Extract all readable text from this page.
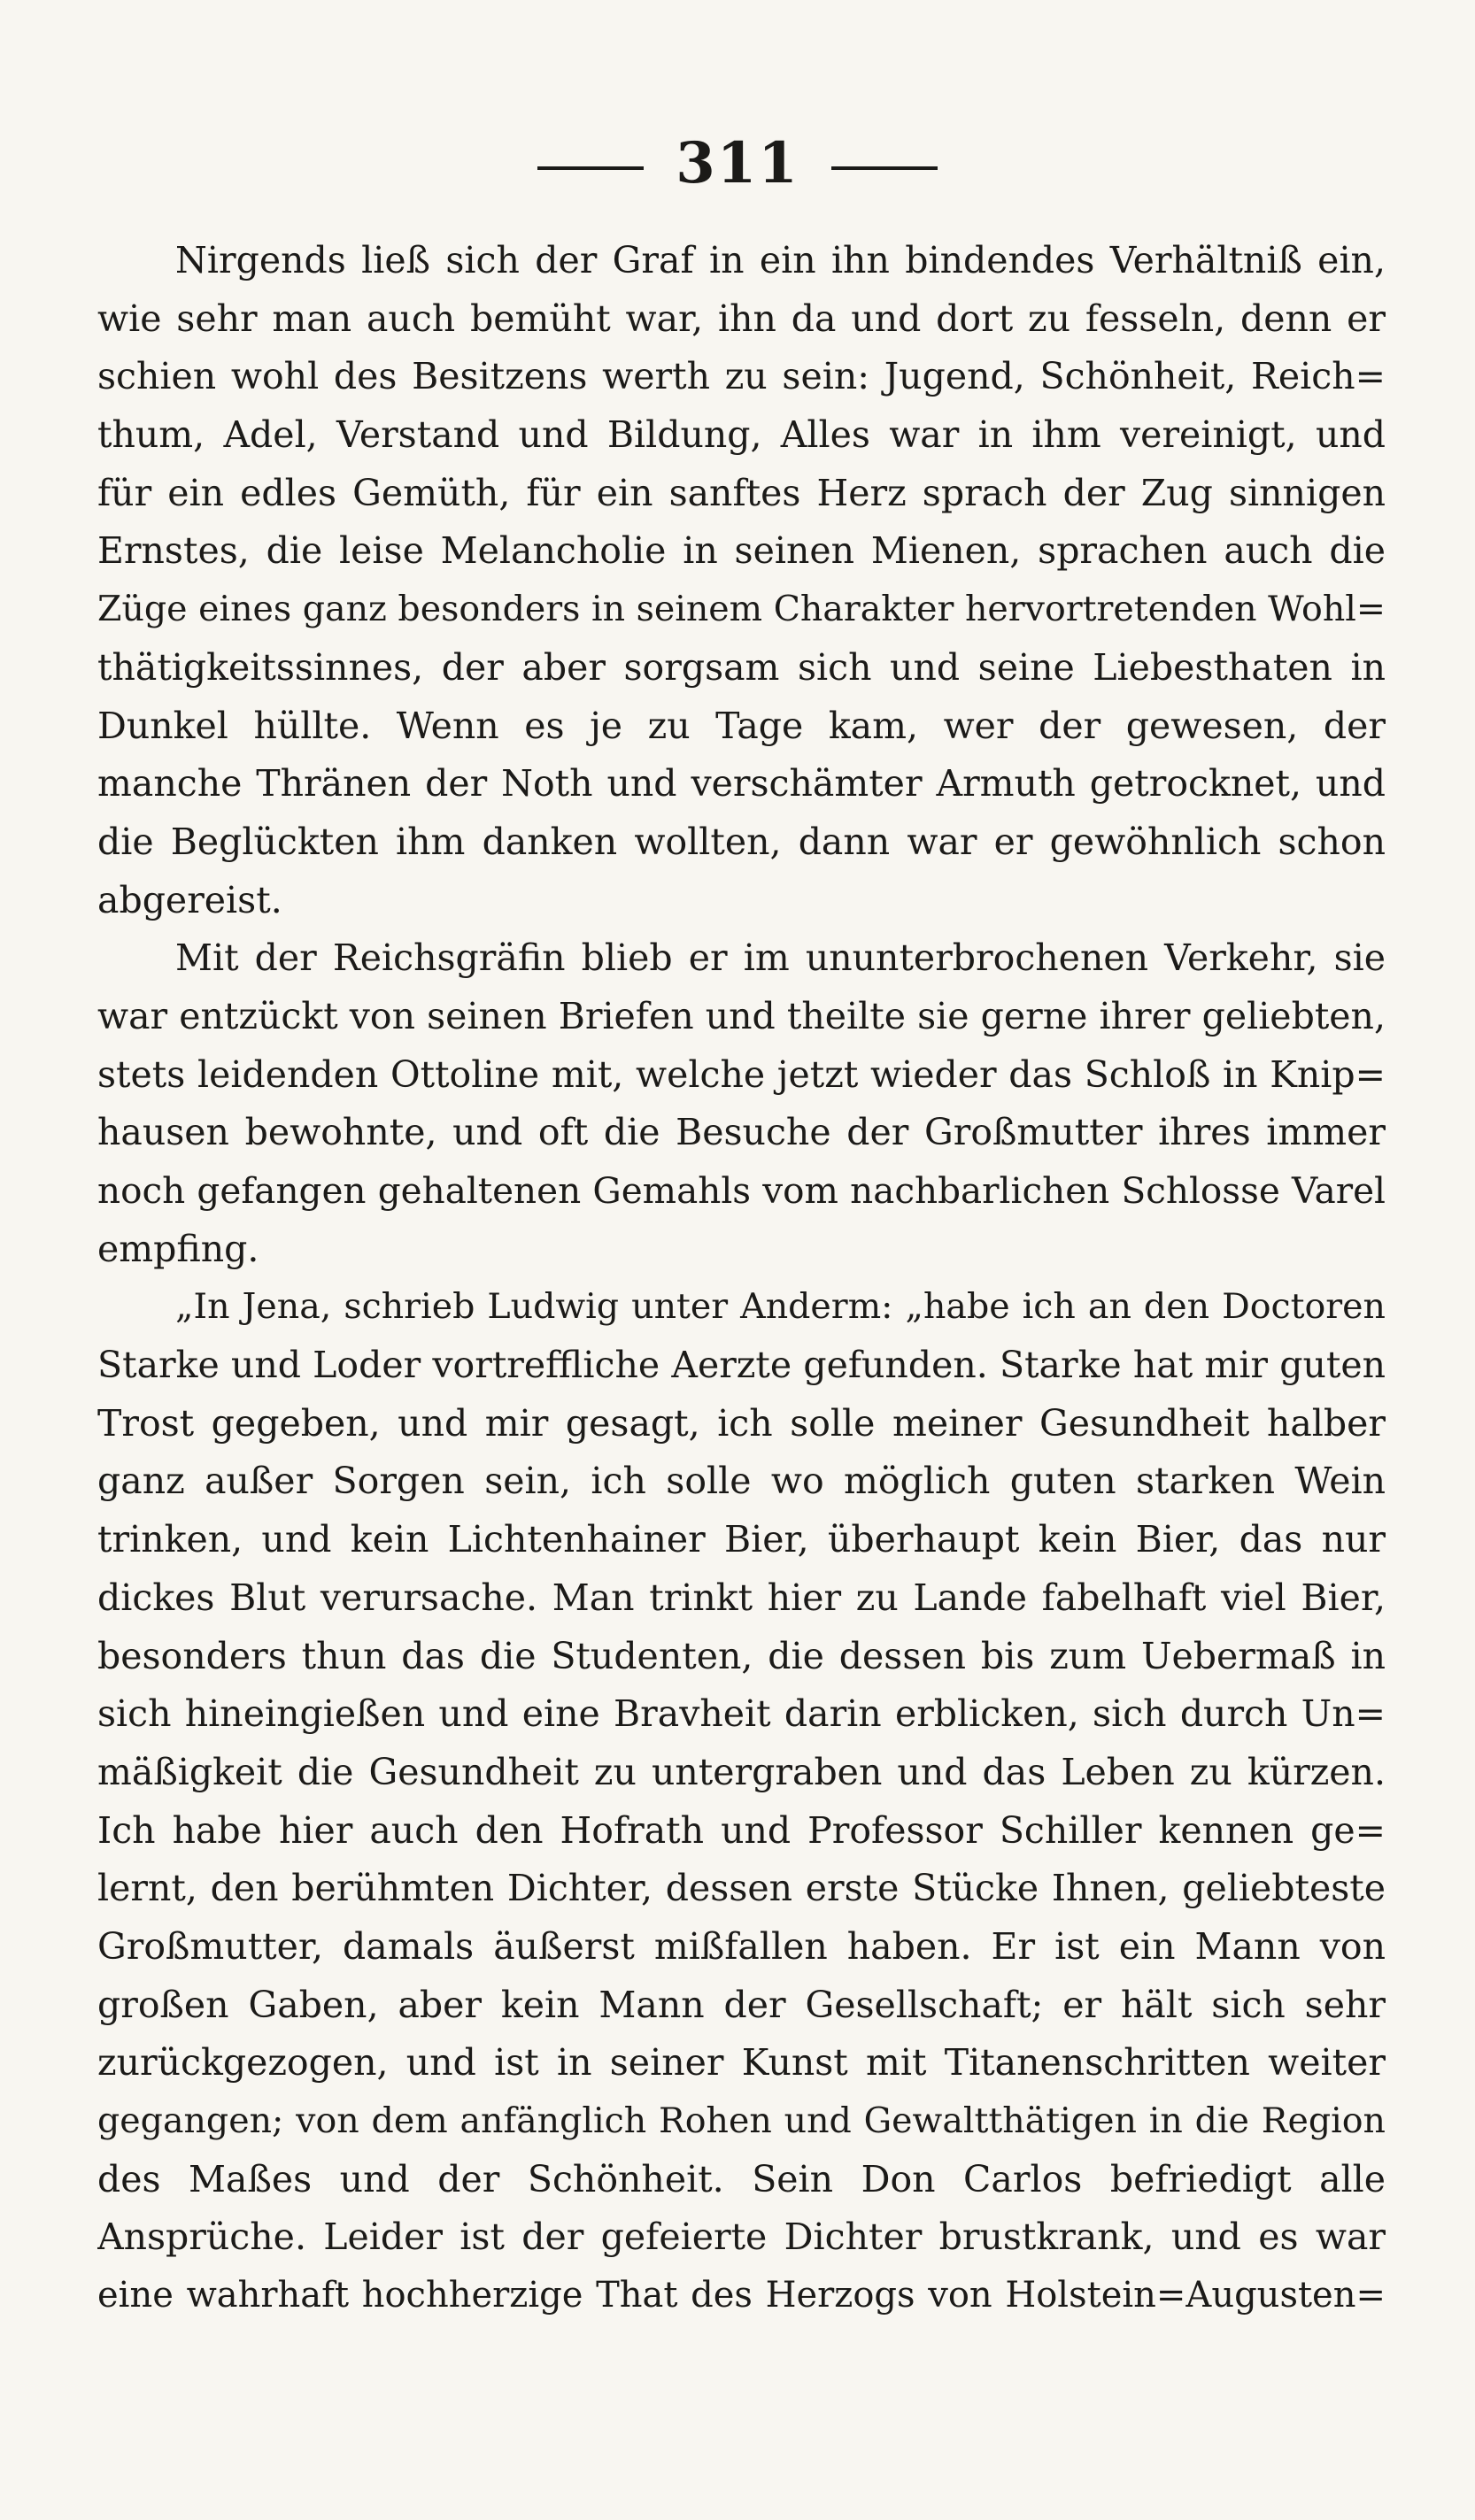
311
Nirgends ließ sich der Graf in ein ihn bindendes Verhältniß ein,
wie sehr man auch bemüht war, ihn da und dort zu fesseln, denn er
schien wohl des Besitzens werth zu sein: Jugend, Schönheit, Reich=
thum, Adel, Verstand und Bildung, Alles war in ihm vereinigt, und
für ein edles Gemüth, für ein sanftes Herz sprach der Zug sinnigen
Ernstes, die leise Melancholie in seinen Mienen, sprachen auch die
Züge eines ganz besonders in seinem Charakter hervortretenden Wohl=
thätigkeitssinnes, der aber sorgsam sich und seine Liebesthaten in
Dunkel hüllte. Wenn es je zu Tage kam, wer der gewesen, der
manche Thränen der Noth und verschämter Armuth getrocknet, und
die Beglückten ihm danken wollten, dann war er gewöhnlich schon
abgereist.
Mit der Reichsgräfin blieb er im ununterbrochenen Verkehr, sie
war entzückt von seinen Briefen und theilte sie gerne ihrer geliebten,
stets leidenden Ottoline mit, welche jetzt wieder das Schloß in Knip=
hausen bewohnte, und oft die Besuche der Großmutter ihres immer
noch gefangen gehaltenen Gemahls vom nachbarlichen Schlosse Varel
empfing.
„In Jena, schrieb Ludwig unter Anderm: „habe ich an den Doctoren
Starke und Loder vortreffliche Aerzte gefunden. Starke hat mir guten
Trost gegeben, und mir gesagt, ich solle meiner Gesundheit halber
ganz außer Sorgen sein, ich solle wo möglich guten starken Wein
trinken, und kein Lichtenhainer Bier, überhaupt kein Bier, das nur
dickes Blut verursache. Man trinkt hier zu Lande fabelhaft viel Bier,
besonders thun das die Studenten, die dessen bis zum Uebermaß in
sich hineingießen und eine Bravheit darin erblicken, sich durch Un=
mäßigkeit die Gesundheit zu untergraben und das Leben zu kürzen.
Ich habe hier auch den Hofrath und Professor Schiller kennen ge=
lernt, den berühmten Dichter, dessen erste Stücke Ihnen, geliebteste
Großmutter, damals äußerst mißfallen haben. Er ist ein Mann von
großen Gaben, aber kein Mann der Gesellschaft; er hält sich sehr
zurückgezogen, und ist in seiner Kunst mit Titanenschritten weiter
gegangen; von dem anfänglich Rohen und Gewaltthätigen in die Region
des Maßes und der Schönheit. Sein Don Carlos befriedigt alle
Ansprüche. Leider ist der gefeierte Dichter brustkrank, und es war
eine wahrhaft hochherzige That des Herzogs von Holstein=Augusten=
